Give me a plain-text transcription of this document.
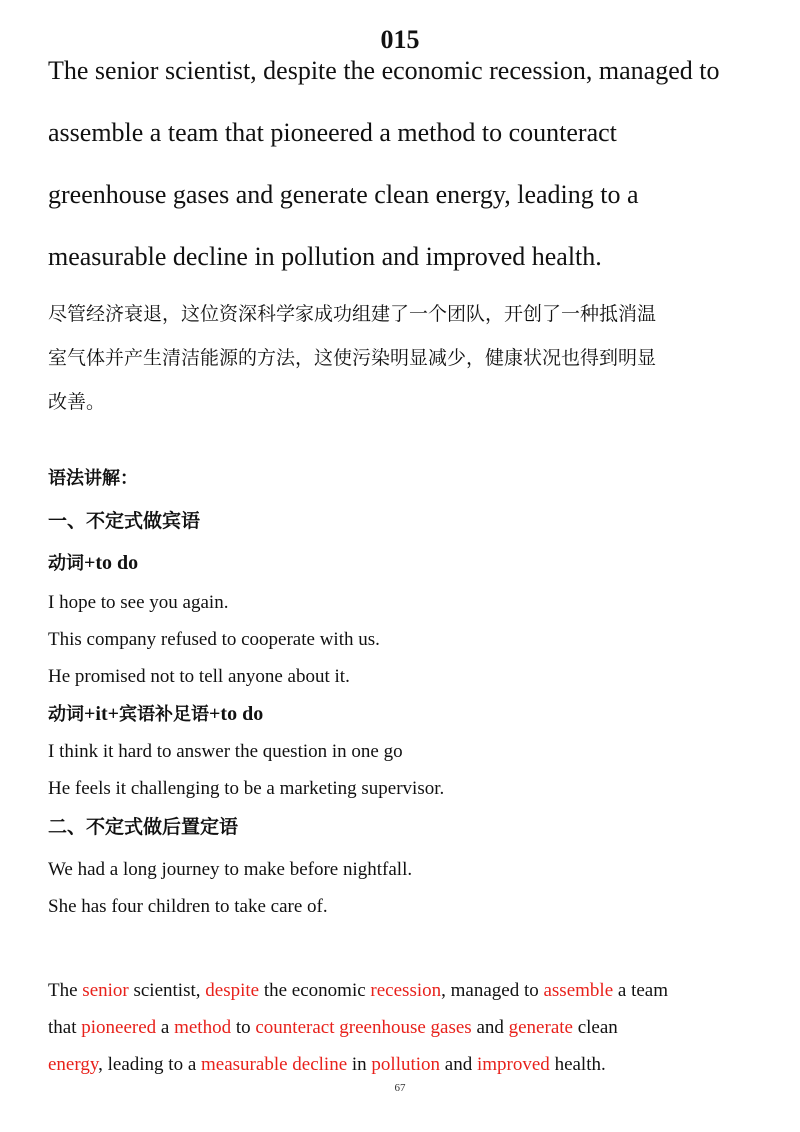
015
The senior scientist, despite the economic recession, managed to
assemble a team that pioneered a method to counteract
greenhouse gases and generate clean energy, leading to a
measurable decline in pollution and improved health.
尽管经济衰退，这位资深科学家成功组建了一个团队，开创了一种抵消温
室气体并产生清洁能源的方法，这使污染明显减少，健康状况也得到明显
改善。
语法讲解：
一、不定式做宾语
动词+to do
I hope to see you again.
This company refused to cooperate with us.
He promised not to tell anyone about it.
动词+it+宾语补足语+to do
I think it hard to answer the question in one go
He feels it challenging to be a marketing supervisor.
二、不定式做后置定语
We had a long journey to make before nightfall.
She has four children to take care of.
The senior scientist, despite the economic recession, managed to assemble a team
that pioneered a method to counteract greenhouse gases and generate clean
energy, leading to a measurable decline in pollution and improved health.
67
